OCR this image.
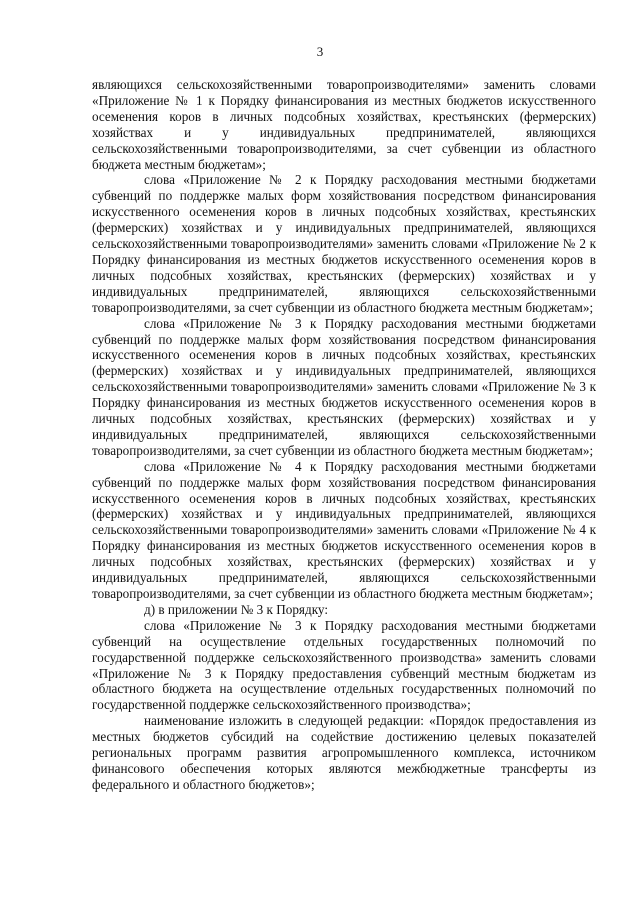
3

являющихся сельскохозяйственными товаропроизводителями» заменить словами «Приложение № 1 к Порядку финансирования из местных бюджетов искусственного осеменения коров в личных подсобных хозяйствах, крестьянских (фермерских) хозяйствах и у индивидуальных предпринимателей, являющихся сельскохозяйственными товаропроизводителями, за счет субвенции из областного бюджета местным бюджетам»;

слова «Приложение № 2 к Порядку расходования местными бюджетами субвенций по поддержке малых форм хозяйствования посредством финансирования искусственного осеменения коров в личных подсобных хозяйствах, крестьянских (фермерских) хозяйствах и у индивидуальных предпринимателей, являющихся сельскохозяйственными товаропроизводителями» заменить словами «Приложение № 2 к Порядку финансирования из местных бюджетов искусственного осеменения коров в личных подсобных хозяйствах, крестьянских (фермерских) хозяйствах и у индивидуальных предпринимателей, являющихся сельскохозяйственными товаропроизводителями, за счет субвенции из областного бюджета местным бюджетам»;

слова «Приложение № 3 к Порядку расходования местными бюджетами субвенций по поддержке малых форм хозяйствования посредством финансирования искусственного осеменения коров в личных подсобных хозяйствах, крестьянских (фермерских) хозяйствах и у индивидуальных предпринимателей, являющихся сельскохозяйственными товаропроизводителями» заменить словами «Приложение № 3 к Порядку финансирования из местных бюджетов искусственного осеменения коров в личных подсобных хозяйствах, крестьянских (фермерских) хозяйствах и у индивидуальных предпринимателей, являющихся сельскохозяйственными товаропроизводителями, за счет субвенции из областного бюджета местным бюджетам»;

слова «Приложение № 4 к Порядку расходования местными бюджетами субвенций по поддержке малых форм хозяйствования посредством финансирования искусственного осеменения коров в личных подсобных хозяйствах, крестьянских (фермерских) хозяйствах и у индивидуальных предпринимателей, являющихся сельскохозяйственными товаропроизводителями» заменить словами «Приложение № 4 к Порядку финансирования из местных бюджетов искусственного осеменения коров в личных подсобных хозяйствах, крестьянских (фермерских) хозяйствах и у индивидуальных предпринимателей, являющихся сельскохозяйственными товаропроизводителями, за счет субвенции из областного бюджета местным бюджетам»;

д) в приложении № 3 к Порядку:

слова «Приложение № 3 к Порядку расходования местными бюджетами субвенций на осуществление отдельных государственных полномочий по государственной поддержке сельскохозяйственного производства» заменить словами «Приложение № 3 к Порядку предоставления субвенций местным бюджетам из областного бюджета на осуществление отдельных государственных полномочий по государственной поддержке сельскохозяйственного производства»;

наименование изложить в следующей редакции: «Порядок предоставления из местных бюджетов субсидий на содействие достижению целевых показателей региональных программ развития агропромышленного комплекса, источником финансового обеспечения которых являются межбюджетные трансферты из федерального и областного бюджетов»;
